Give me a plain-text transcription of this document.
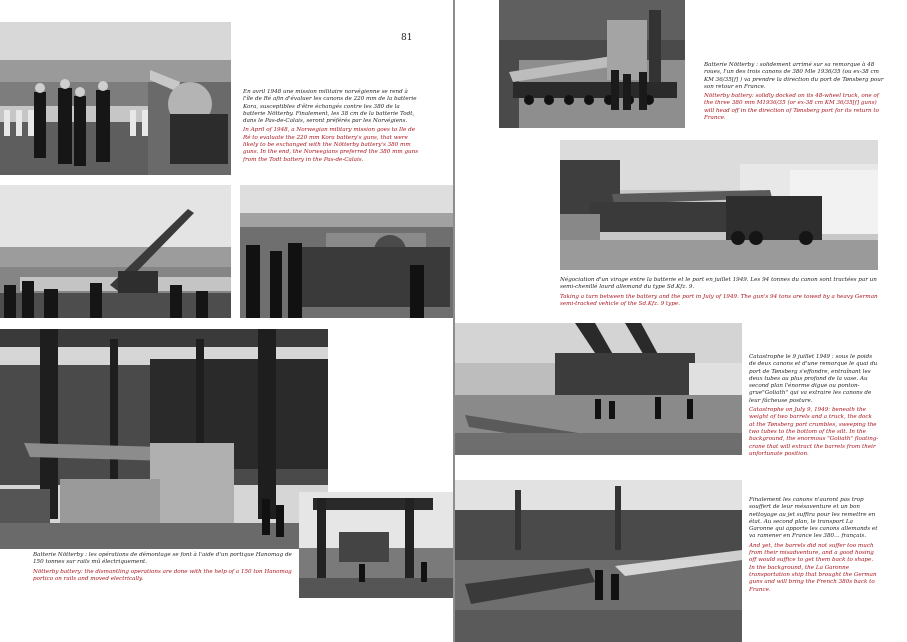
81

En avril 1948 une mission militaire norvégienne se rend à l'île de Ré afin d'évaluer les canons de 220 mm de la batterie Kora, susceptibles d'être échangés contre les 380 de la batterie Nötterby. Finalement, les 38 cm de la batterie Todt, dans le Pas-de-Calais, seront préférés par les Norvégiens.

In April of 1948, a Norwegian military mission goes to Ile de Ré to evaluate the 220 mm Kora battery's guns, that were likely to be exchanged with the Nötterby battery's 380 mm guns. In the end, the Norwegians preferred the 380 mm guns from the Todt battery in the Pas-de-Calais.

Batterie Nötterby : les opérations de démontage se font à l'aide d'un portique Hanomag de 150 tonnes sur rails mû électriquement.

Nötterby battery: the dismantling operations are done with the help of a 150 ton Hanomag portico on rails and moved electrically.

Batterie Nötterby : solidement arrimé sur sa remorque à 48 roues, l'un des trois canons de 380 Mle 1936/35 (ou ex-38 cm KM 36/35[f] ) va prendre la direction du port de Tønsberg pour son retour en France.

Nötterby battery: solidly docked on its 48-wheel truck, one of the three 380 mm M1936/35 (or ex-38 cm KM 36/35[f] guns) will head off in the direction of Tønsberg port for its return to France.

Négociation d'un virage entre la batterie et le port en juillet 1949. Les 94 tonnes du canon sont tractées par un semi-chenillé lourd allemand du type Sd.Kfz. 9.

Taking a turn between the battery and the port in July of 1949. The gun's 94 tons are towed by a heavy German semi-tracked vehicle of the Sd.Kfz. 9 type.

Catastrophe le 9 juillet 1949 : sous le poids de deux canons et d'une remorque le quai du port de Tønsberg s'effondre, entraînant les deux tubes au plus profond de la vase. Au second plan l'énorme digue ou ponton-grue"Goliath" qui va extraire les canons de leur fâcheuse posture.

Catastrophe on July 9, 1949: beneath the weight of two barrels and a truck, the dock at the Tønsberg port crumbles, sweeping the two tubes to the bottom of the silt. In the background, the enormous "Goliath" floating-crane that will extract the barrels from their unfortunate position.

Finalement les canons n'auront pas trop souffert de leur mésaventure et un bon nettoyage au jet suffira pour les remettre en état. Au second plan, le transport La Garonne qui apporte les canons allemands et va ramener en France les 380… français.

And yet, the barrels did not suffer too much from their misadventure, and a good hosing off would suffice to get them back to shape. In the background, the La Garonne transportation ship that brought the German guns and will bring the French 380s back to France.
